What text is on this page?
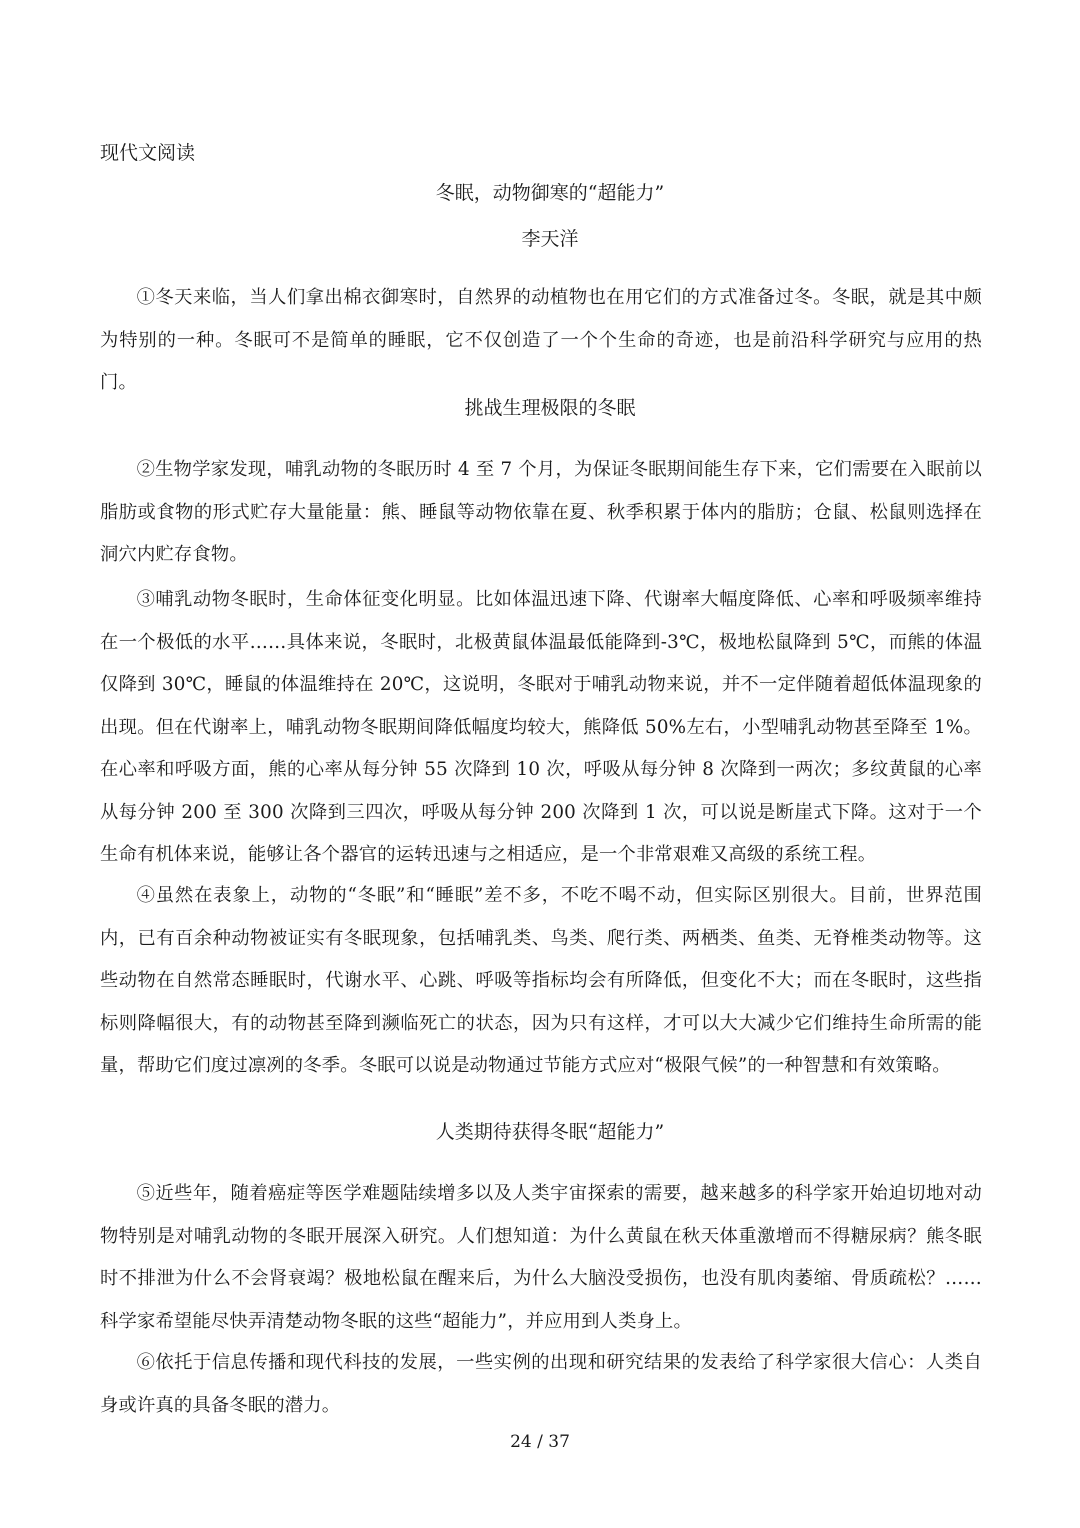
现代文阅读
冬眠，动物御寒的“超能力”
李天洋

①冬天来临，当人们拿出棉衣御寒时，自然界的动植物也在用它们的方式准备过冬。冬眠，就是其中颇为特别的一种。冬眠可不是简单的睡眠，它不仅创造了一个个生命的奇迹，也是前沿科学研究与应用的热门。

挑战生理极限的冬眠

②生物学家发现，哺乳动物的冬眠历时 4 至 7 个月，为保证冬眠期间能生存下来，它们需要在入眠前以脂肪或食物的形式贮存大量能量：熊、睡鼠等动物依靠在夏、秋季积累于体内的脂肪；仓鼠、松鼠则选择在洞穴内贮存食物。

③哺乳动物冬眠时，生命体征变化明显。比如体温迅速下降、代谢率大幅度降低、心率和呼吸频率维持在一个极低的水平……具体来说，冬眠时，北极黄鼠体温最低能降到-3℃，极地松鼠降到 5℃，而熊的体温仅降到 30℃，睡鼠的体温维持在 20℃，这说明，冬眠对于哺乳动物来说，并不一定伴随着超低体温现象的出现。但在代谢率上，哺乳动物冬眠期间降低幅度均较大，熊降低 50%左右，小型哺乳动物甚至降至 1%。在心率和呼吸方面，熊的心率从每分钟 55 次降到 10 次，呼吸从每分钟 8 次降到一两次；多纹黄鼠的心率从每分钟 200 至 300 次降到三四次，呼吸从每分钟 200 次降到 1 次，可以说是断崖式下降。这对于一个生命有机体来说，能够让各个器官的运转迅速与之相适应，是一个非常艰难又高级的系统工程。

④虽然在表象上，动物的“冬眠”和“睡眠”差不多，不吃不喝不动，但实际区别很大。目前，世界范围内，已有百余种动物被证实有冬眠现象，包括哺乳类、鸟类、爬行类、两栖类、鱼类、无脊椎类动物等。这些动物在自然常态睡眠时，代谢水平、心跳、呼吸等指标均会有所降低，但变化不大；而在冬眠时，这些指标则降幅很大，有的动物甚至降到濒临死亡的状态，因为只有这样，才可以大大减少它们维持生命所需的能量，帮助它们度过凛冽的冬季。冬眠可以说是动物通过节能方式应对“极限气候”的一种智慧和有效策略。

人类期待获得冬眠“超能力”

⑤近些年，随着癌症等医学难题陆续增多以及人类宇宙探索的需要，越来越多的科学家开始迫切地对动物特别是对哺乳动物的冬眠开展深入研究。人们想知道：为什么黄鼠在秋天体重激增而不得糖尿病？熊冬眠时不排泄为什么不会肾衰竭？极地松鼠在醒来后，为什么大脑没受损伤，也没有肌肉萎缩、骨质疏松？……科学家希望能尽快弄清楚动物冬眠的这些“超能力”，并应用到人类身上。

⑥依托于信息传播和现代科技的发展，一些实例的出现和研究结果的发表给了科学家很大信心：人类自身或许真的具备冬眠的潜力。

24 / 37
